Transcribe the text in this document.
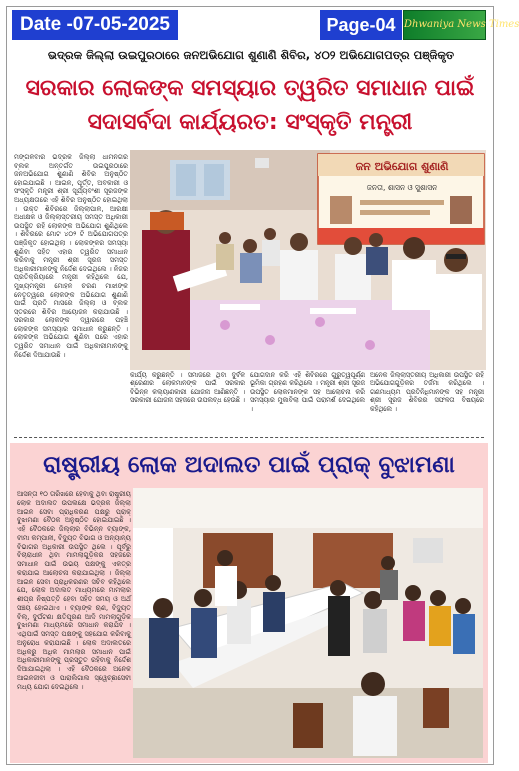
Date -07-05-2025	Page-04 Dhwaniya News Times
ଭଦ୍ରକ ଜିଲ୍ଲା ଉଇପୁରଠାରେ ଜନଅଭିଯୋଗ ଶୁଣାଣି ଶିବିର, ୪୦୨ ଅଭିଯୋଗପତ୍ର ପଞ୍ଜିକୃତ
ସରକାର ଲୋକଙ୍କ ସମସ୍ୟାର ତ୍ୱରିତ ସମାଧାନ ପାଇଁ ସଦାସର୍ବଦା କାର୍ଯ୍ୟରତ: ସଂସ୍କୃତି ମନ୍ତ୍ରୀ
ମଙ୍ଗଳବାର ଭଦ୍ରକ ଜିଲ୍ଲା ଧାମନଗର ବ୍ଲକ ଅନ୍ତର୍ଗତ ଉଇପୁରଠାରେ ଜନଅଭିଯୋଗ ଶୁଣାଣି ଶିବିର ଅନୁଷ୍ଠିତ ହୋଇଯାଇଛି । ଆଇନ, ପୂର୍ତ୍ତ, ଅବକାରୀ ଓ ସଂସ୍କୃତି ମନ୍ତ୍ରୀ ଶ୍ରୀ ସୂର୍ଯ୍ୟବଂଶୀ ସୂରଜଙ୍କ ଅଧ୍ୟକ୍ଷତାରେ ଏହି ଶିବିର ଅନୁଷ୍ଠିତ ହୋଇଥିଲା । ଉକ୍ତ ଶିବିରରେ ଜିଲ୍ଲାପାଳ, ଆରକ୍ଷୀ ଅଧୀକ୍ଷକ ଓ ଜିଲ୍ଲାସ୍ତରୀୟ ସମସ୍ତ ଅଧିକାରୀ ଉପସ୍ଥିତ ରହି ଲୋକଙ୍କ ଅଭିଯୋଗ ଶୁଣିଥିଲେ । ଶିବିରରେ ମୋଟ ୪୦୨ ଟି ଅଭିଯୋଗପତ୍ର ପଞ୍ଜିକୃତ ହୋଇଥିଲା । ଲୋକଙ୍କର ସମସ୍ୟା ଶୁଣିବା ସହିତ ଏହାର ତ୍ୱରିତ ସମାଧାନ କରିବାକୁ ମନ୍ତ୍ରୀ ଶ୍ରୀ ସୂରଜ ସମସ୍ତ ଅଧିକାରୀମାନଙ୍କୁ ନିର୍ଦ୍ଦେଶ ଦେଇଥିଲେ । ନିଜର ପ୍ରତିକ୍ରିୟାରେ ମନ୍ତ୍ରୀ କହିଥିଲେ ଯେ, ମୁଖ୍ୟମନ୍ତ୍ରୀ ମୋହନ ଚରଣ ମାଝୀଙ୍କ ନେତୃତ୍ୱରେ ଲୋକଙ୍କ ଅଭିଯୋଗ ଶୁଣାଣି ପାଇଁ ପ୍ରତି ମାସରେ ଜିଲ୍ଲା ଓ ବ୍ଲକ ସ୍ତରରେ ଶିବିର ଆୟୋଜନ କରାଯାଉଛି । ସରକାର ଲୋକଙ୍କ ଦ୍ୱାରରେ ପହଞ୍ଚି ଲୋକଙ୍କ ସମସ୍ୟାର ସମାଧାନ କରୁଛନ୍ତି । ଲୋକଙ୍କ ଅଭିଯୋଗ ଶୁଣିବା ପରେ ଏହାର ତ୍ୱରିତ ସମାଧାନ ପାଇଁ ଅଧିକାରୀମାନଙ୍କୁ ନିର୍ଦ୍ଦେଶ ଦିଆଯାଉଛି ।
ଜନ ଅଭିଯୋଗ ଶୁଣାଣି
ଜନତା, ଶାସନ ଓ ସୁଶାସନ
କାର୍ଯ୍ୟ କରୁଛନ୍ତି । ସମାଜରେ ଥିବା ଦୁର୍ବଳ ଶ୍ରେଣୀର ଲୋକମାନଙ୍କ ପାଇଁ ସରକାର ବିଭିନ୍ନ କଲ୍ୟାଣକାରୀ ଯୋଜନା ଆଣିଛନ୍ତି । ସରକାରୀ ଯୋଜନା ସହଜରେ ଉପଲବ୍ଧ ହେଉଛି ।
ଯୋଗଦାନ କରି ଏହି ଶିବିରରେ ଗୁରୁତ୍ୱପୂର୍ଣ୍ଣ ଭୂମିକା ଗ୍ରହଣ କରିଥିଲେ । ମନ୍ତ୍ରୀ ଶ୍ରୀ ସୂରଜ ଉପସ୍ଥିତ ଲୋକମାନଙ୍କ ସହ ଆଲୋଚନା କରି ସମସ୍ୟାର ମୁକାବିଲା ପାଇଁ ପରାମର୍ଶ ଦେଇଥିଲେ ।
ଅନେକ ଜିଲ୍ଲାସ୍ତରୀୟ ଅଧିକାରୀ ଉପସ୍ଥିତ ରହି ଅଭିଯୋଗଗୁଡ଼ିକର ତର୍ଜମା କରିଥିଲେ । ଗଣମାଧ୍ୟମ ପ୍ରତିନିଧିମାନଙ୍କ ସହ ମନ୍ତ୍ରୀ ଶ୍ରୀ ସୂରଜ ଶିବିରର ସଫଳତା ବିଷୟରେ କହିଥିଲେ ।
ରାଷ୍ଟ୍ରୀୟ ଲୋକ ଅଦାଲତ ପାଇଁ ପ୍ରାକ୍ ବୁଝାମଣା
ଆସନ୍ତା ୧୦ ତାରିଖରେ ହେବାକୁ ଥିବା ରାଷ୍ଟ୍ରୀୟ ଲୋକ ଅଦାଲତ ଉପଲକ୍ଷେ ଭଦ୍ରକ ଜିଲ୍ଲା ଆଇନ ସେବା ପ୍ରାଧିକରଣ ପକ୍ଷରୁ ପ୍ରାକ୍ ବୁଝାମଣା ବୈଠକ ଅନୁଷ୍ଠିତ ହୋଇଯାଇଛି । ଏହି ବୈଠକରେ ଜିଲ୍ଲାର ବିଭିନ୍ନ ବ୍ୟାଙ୍କ, ବୀମା କମ୍ପାନୀ, ବିଦ୍ୟୁତ ବିଭାଗ ଓ ଅନ୍ୟାନ୍ୟ ବିଭାଗର ଅଧିକାରୀ ଉପସ୍ଥିତ ଥିଲେ । ପୂର୍ବରୁ ବିଚାରାଧୀନ ଥିବା ମାମଲାଗୁଡ଼ିକର ସହଜରେ ସମାଧାନ ପାଇଁ ଉଭୟ ପକ୍ଷଙ୍କୁ ଏକତ୍ର କରାଯାଇ ଆଲୋଚନା କରାଯାଇଥିଲା । ଜିଲ୍ଲା ଆଇନ ସେବା ପ୍ରାଧିକରଣର ସଚିବ କହିଥିଲେ ଯେ, ଲୋକ ଅଦାଲତ ମାଧ୍ୟମରେ ମାମଲାର ଶୀଘ୍ର ନିଷ୍ପତ୍ତି ହେବା ସହିତ ସମୟ ଓ ଅର୍ଥ ସଞ୍ଚୟ ହୋଇଥାଏ । ବ୍ୟାଙ୍କ ଋଣ, ବିଦ୍ୟୁତ ବିଲ୍, ଦୁର୍ଘଟଣା କ୍ଷତିପୂରଣ ଆଦି ମାମଲାଗୁଡ଼ିକ ବୁଝାମଣା ମାଧ୍ୟମରେ ସମାଧାନ କରାଯିବ । ଏଥିପାଇଁ ସମସ୍ତ ପକ୍ଷଙ୍କୁ ସହଯୋଗ କରିବାକୁ ଅନୁରୋଧ କରାଯାଇଛି । ଲୋକ ଅଦାଲତରେ ଅଧିକରୁ ଅଧିକ ମାମଲାର ସମାଧାନ ପାଇଁ ଅଧିକାରୀମାନଙ୍କୁ ପ୍ରସ୍ତୁତ ରହିବାକୁ ନିର୍ଦ୍ଦେଶ ଦିଆଯାଇଥିଲା । ଏହି ବୈଠକରେ ଅନେକ ଆଇନଜୀବୀ ଓ ପାରାଲିଗାଲ ସ୍ୱେଚ୍ଛାସେବୀ ମଧ୍ୟ ଯୋଗ ଦେଇଥିଲେ ।
